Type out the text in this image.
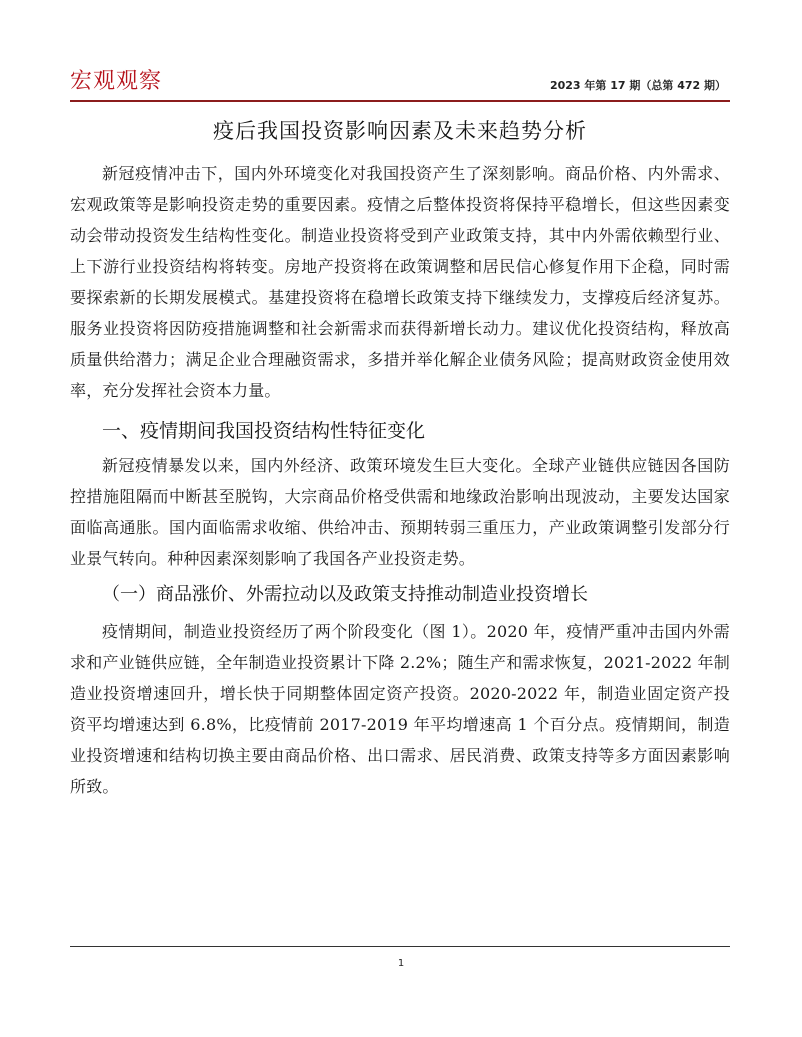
宏观观察	2023 年第 17 期（总第 472 期）
疫后我国投资影响因素及未来趋势分析

新冠疫情冲击下，国内外环境变化对我国投资产生了深刻影响。商品价格、内外需求、宏观政策等是影响投资走势的重要因素。疫情之后整体投资将保持平稳增长，但这些因素变动会带动投资发生结构性变化。制造业投资将受到产业政策支持，其中内外需依赖型行业、上下游行业投资结构将转变。房地产投资将在政策调整和居民信心修复作用下企稳，同时需要探索新的长期发展模式。基建投资将在稳增长政策支持下继续发力，支撑疫后经济复苏。服务业投资将因防疫措施调整和社会新需求而获得新增长动力。建议优化投资结构，释放高质量供给潜力；满足企业合理融资需求，多措并举化解企业债务风险；提高财政资金使用效率，充分发挥社会资本力量。

一、疫情期间我国投资结构性特征变化

新冠疫情暴发以来，国内外经济、政策环境发生巨大变化。全球产业链供应链因各国防控措施阻隔而中断甚至脱钩，大宗商品价格受供需和地缘政治影响出现波动，主要发达国家面临高通胀。国内面临需求收缩、供给冲击、预期转弱三重压力，产业政策调整引发部分行业景气转向。种种因素深刻影响了我国各产业投资走势。

（一）商品涨价、外需拉动以及政策支持推动制造业投资增长

疫情期间，制造业投资经历了两个阶段变化（图 1）。2020 年，疫情严重冲击国内外需求和产业链供应链，全年制造业投资累计下降 2.2%；随生产和需求恢复，2021-2022 年制造业投资增速回升，增长快于同期整体固定资产投资。2020-2022 年，制造业固定资产投资平均增速达到 6.8%，比疫情前 2017-2019 年平均增速高 1 个百分点。疫情期间，制造业投资增速和结构切换主要由商品价格、出口需求、居民消费、政策支持等多方面因素影响所致。

1
